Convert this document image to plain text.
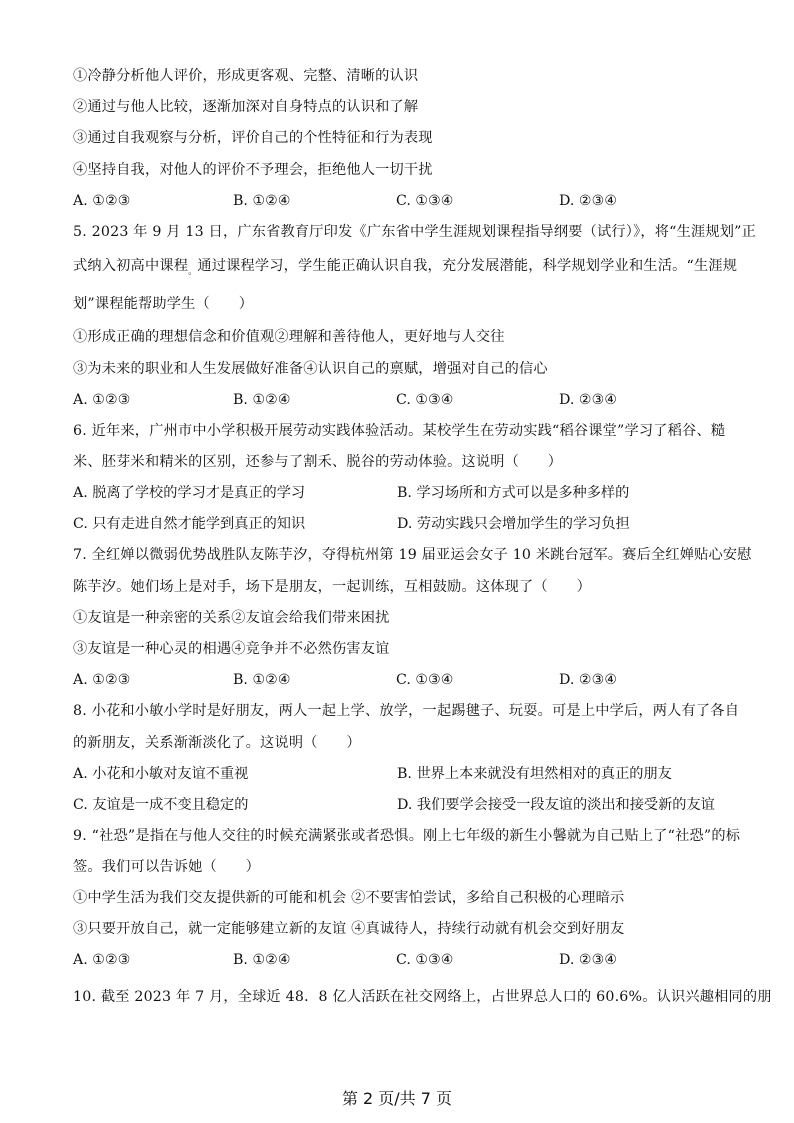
①冷静分析他人评价，形成更客观、完整、清晰的认识
②通过与他人比较，逐渐加深对自身特点的认识和了解
③通过自我观察与分析，评价自己的个性特征和行为表现
④坚持自我，对他人的评价不予理会，拒绝他人一切干扰
A. ①②③	B. ①②④	C. ①③④	D. ②③④
5. 2023 年 9 月 13 日，广东省教育厅印发《广东省中学生涯规划课程指导纲要（试行）》，将“生涯规划”正
式纳入初高中课程$_。$通过课程学习，学生能正确认识自我，充分发展潜能，科学规划学业和生活。“生涯规
划”课程能帮助学生（　　）
①形成正确的理想信念和价值观②理解和善待他人，更好地与人交往
③为未来的职业和人生发展做好准备④认识自己的禀赋，增强对自己的信心
A. ①②③	B. ①②④	C. ①③④	D. ②③④
6. 近年来，广州市中小学积极开展劳动实践体验活动。某校学生在劳动实践“稻谷课堂”学习了稻谷、糙
米、胚芽米和精米的区别，还参与了割禾、脱谷的劳动体验。这说明（　　）
A. 脱离了学校的学习才是真正的学习	B. 学习场所和方式可以是多种多样的
C. 只有走进自然才能学到真正的知识	D. 劳动实践只会增加学生的学习负担
7. 全红婵以微弱优势战胜队友陈芋汐，夺得杭州第 19 届亚运会女子 10 米跳台冠军。赛后全红婵贴心安慰
陈芋汐。她们场上是对手，场下是朋友，一起训练，互相鼓励。这体现了（　　）
①友谊是一种亲密的关系②友谊会给我们带来困扰
③友谊是一种心灵的相遇④竞争并不必然伤害友谊
A. ①②③	B. ①②④	C. ①③④	D. ②③④
8. 小花和小敏小学时是好朋友，两人一起上学、放学，一起踢毽子、玩耍。可是上中学后，两人有了各自
的新朋友，关系渐渐淡化了。这说明（　　）
A. 小花和小敏对友谊不重视	B. 世界上本来就没有坦然相对的真正的朋友
C. 友谊是一成不变且稳定的	D. 我们要学会接受一段友谊的淡出和接受新的友谊
9. “社恐”是指在与他人交往的时候充满紧张或者恐惧。刚上七年级的新生小馨就为自己贴上了“社恐”的标
签。我们可以告诉她（　　）
①中学生活为我们交友提供新的可能和机会 ②不要害怕尝试，多给自己积极的心理暗示
③只要开放自己，就一定能够建立新的友谊 ④真诚待人，持续行动就有机会交到好朋友
A. ①②③	B. ①②④	C. ①③④	D. ②③④
10. 截至 2023 年 7 月，全球近 48．8 亿人活跃在社交网络上，占世界总人口的 60.6%。认识兴趣相同的朋
第 2 页/共 7 页
